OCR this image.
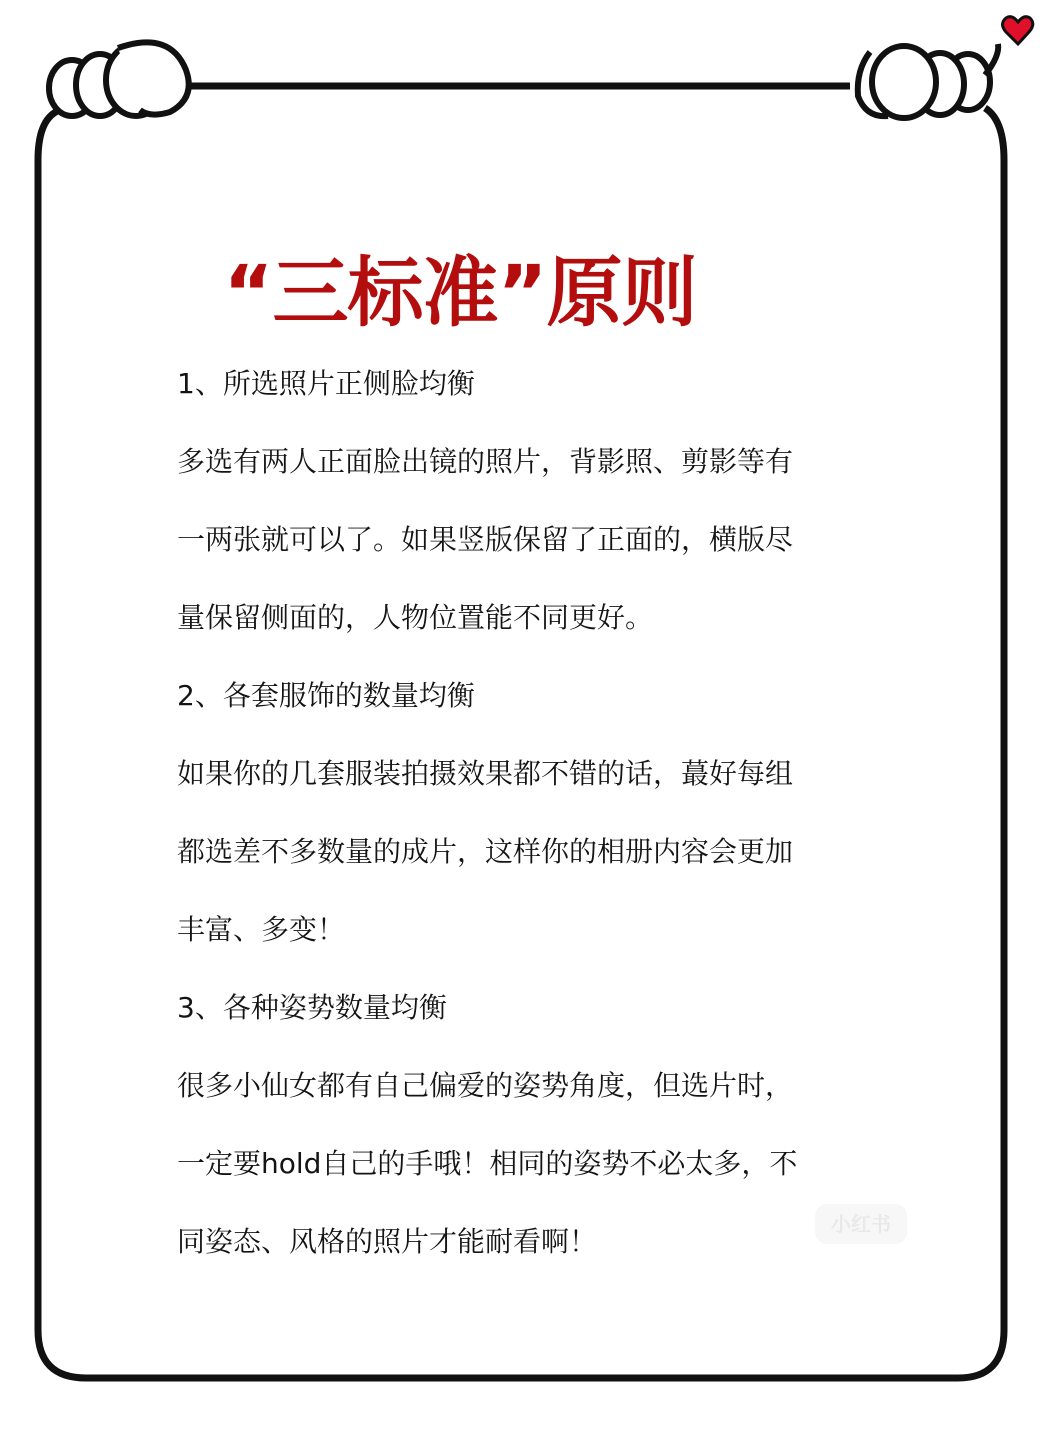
“三标准”原则
1、所选照片正侧脸均衡
多选有两人正面脸出镜的照片，背影照、剪影等有
一两张就可以了。如果竖版保留了正面的，横版尽
量保留侧面的，人物位置能不同更好。
2、各套服饰的数量均衡
如果你的几套服装拍摄效果都不错的话，蕞好每组
都选差不多数量的成片，这样你的相册内容会更加
丰富、多变！
3、各种姿势数量均衡
很多小仙女都有自己偏爱的姿势角度，但选片时，
一定要hold自己的手哦！相同的姿势不必太多，不
同姿态、风格的照片才能耐看啊！
小红书
